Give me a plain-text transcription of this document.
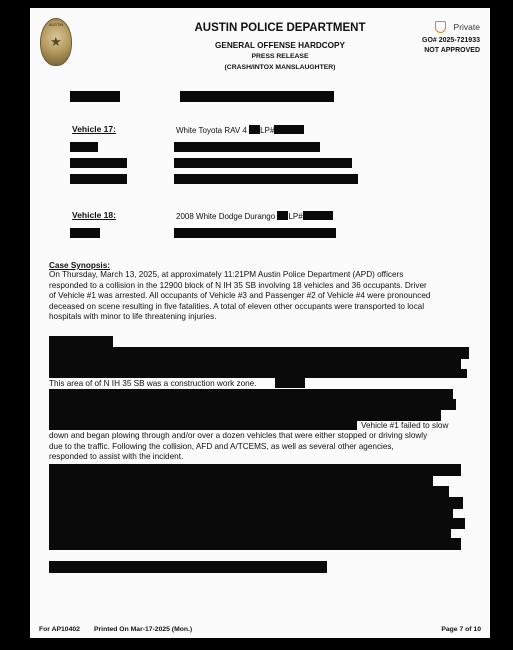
AUSTIN
★
AUSTIN POLICE DEPARTMENT
GENERAL OFFENSE HARDCOPY
PRESS RELEASE
(CRASH/INTOX MANSLAUGHTER)
Private
GO# 2025-721933
NOT APPROVED
Vehicle 17:	White Toyota RAV 4 LP#
Vehicle 18:	2008 White Dodge Durango LP#
Case Synopsis:
On Thursday, March 13, 2025, at approximately 11:21PM Austin Police Department (APD) officers
responded to a collision in the 12900 block of N IH 35 SB involving 18 vehicles and 36 occupants. Driver
of Vehicle #1 was arrested. All occupants of Vehicle #3 and Passenger #2 of Vehicle #4 were pronounced
deceased on scene resulting in five fatalities. A total of eleven other occupants were transported to local
hospitals with minor to life threatening injuries.
This area of of N IH 35 SB was a construction work zone.
Vehicle #1 failed to slow
down and began plowing through and/or over a dozen vehicles that were either stopped or driving slowly
due to the traffic. Following the collision, AFD and A/TCEMS, as well as several other agencies,
responded to assist with the incident.
For AP10402 Printed On Mar-17-2025 (Mon.)	Page 7 of 10
